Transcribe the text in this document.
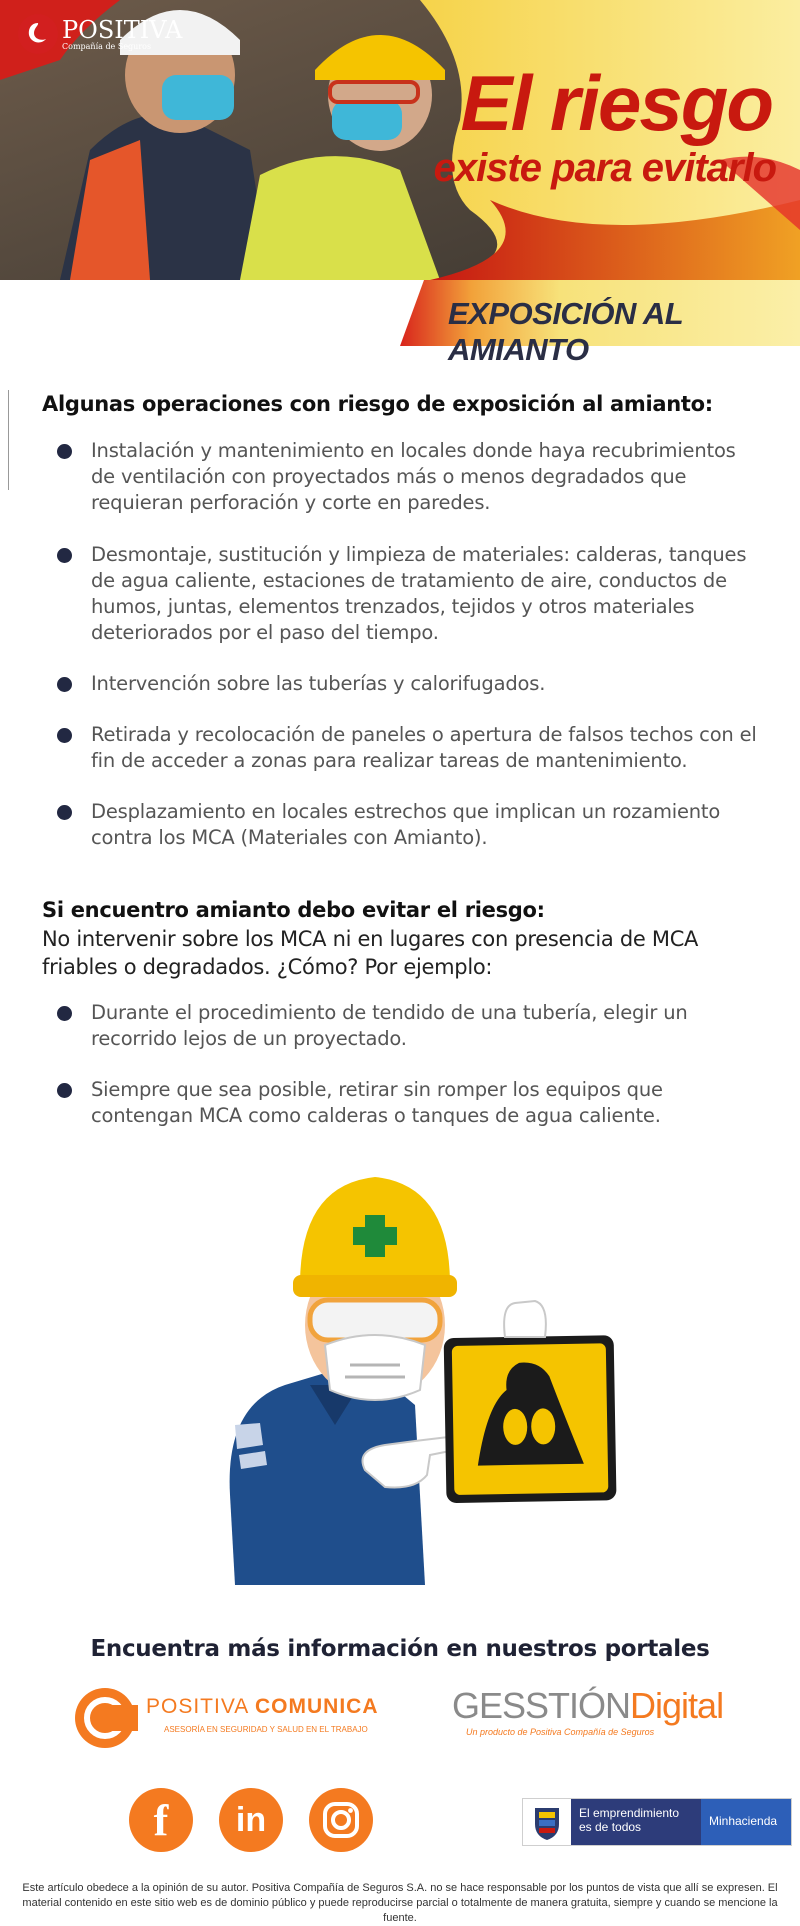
POSITIVA
Compañía de Seguros
El riesgo
existe para evitarlo
EXPOSICIÓN AL AMIANTO
Algunas operaciones con riesgo de exposición al amianto:
Instalación y mantenimiento en locales donde haya recubrimientos de ventilación con proyectados más o menos degradados que requieran perforación y corte en paredes.
Desmontaje, sustitución y limpieza de materiales: calderas, tanques de agua caliente, estaciones de tratamiento de aire, conductos de humos, juntas, elementos trenzados, tejidos y otros materiales deteriorados por el paso del tiempo.
Intervención sobre las tuberías y calorifugados.
Retirada y recolocación de paneles o apertura de falsos techos con el fin de acceder a zonas para realizar tareas de mantenimiento.
Desplazamiento en locales estrechos que implican un rozamiento contra los MCA (Materiales con Amianto).
Si encuentro amianto debo evitar el riesgo:
No intervenir sobre los MCA ni en lugares con presencia de MCA friables o degradados. ¿Cómo? Por ejemplo:
Durante el procedimiento de tendido de una tubería, elegir un recorrido lejos de un proyectado.
Siempre que sea posible, retirar sin romper los equipos que contengan MCA como calderas o tanques de agua caliente.
Encuentra más información en nuestros portales
POSITIVA COMUNICA
ASESORÍA EN SEGURIDAD Y SALUD EN EL TRABAJO
GESSTIÓNDigital
Un producto de Positiva Compañía de Seguros
f in	El emprendimiento
es de todos	Minhacienda
Este artículo obedece a la opinión de su autor. Positiva Compañía de Seguros S.A. no se hace responsable por los puntos de vista que allí se expresen. El material contenido en este sitio web es de dominio público y puede reproducirse parcial o totalmente de manera gratuita, siempre y cuando se mencione la fuente.
